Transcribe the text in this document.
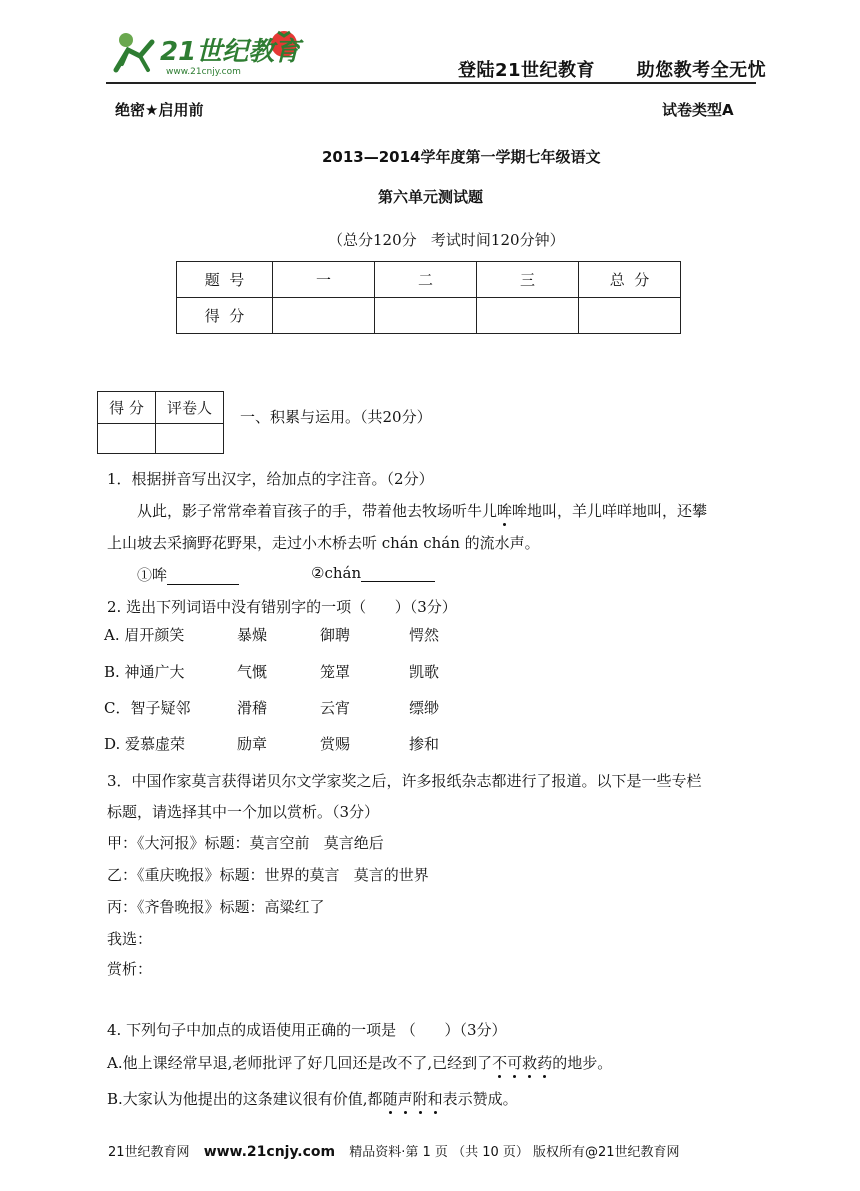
21世纪教育
www.21cnjy.com	登陆21世纪教育 助您教考全无忧
绝密★启用前	试卷类型A
2013—2014学年度第一学期七年级语文
第六单元测试题
（总分120分   考试时间120分钟）
题  号	一	二	三	总  分
得  分				
得 分	评卷人
	一、积累与运用。（共20分）
1．根据拼音写出汉字，给加点的字注音。（2分）
从此，影子常常牵着盲孩子的手，带着他去牧场听牛儿哞哞地叫，羊儿咩咩地叫，还攀
上山坡去采摘野花野果，走过小木桥去听 chán chán 的流水声。
①哞	②chán
2. 选出下列词语中没有错别字的一项（      ）（3分）
A. 眉开颜笑	暴燥	御聘	愕然
B. 神通广大	气慨	笼罩	凯歌
C．智子疑邻	滑稽	云宵	缥缈
D. 爱慕虚荣	励章	赏赐	掺和
3．中国作家莫言获得诺贝尔文学家奖之后，许多报纸杂志都进行了报道。以下是一些专栏
标题，请选择其中一个加以赏析。（3分）
甲：《大河报》标题：莫言空前   莫言绝后
乙：《重庆晚报》标题：世界的莫言   莫言的世界
丙：《齐鲁晚报》标题：高粱红了
我选：
赏析：
4. 下列句子中加点的成语使用正确的一项是 （      ）（3分）
A.他上课经常早退,老师批评了好几回还是改不了,已经到了不可救药的地步。
B.大家认为他提出的这条建议很有价值,都随声附和表示赞成。
21世纪教育网 www.21cnjy.com 精品资料·第 1 页 （共 10 页） 版权所有@21世纪教育网
